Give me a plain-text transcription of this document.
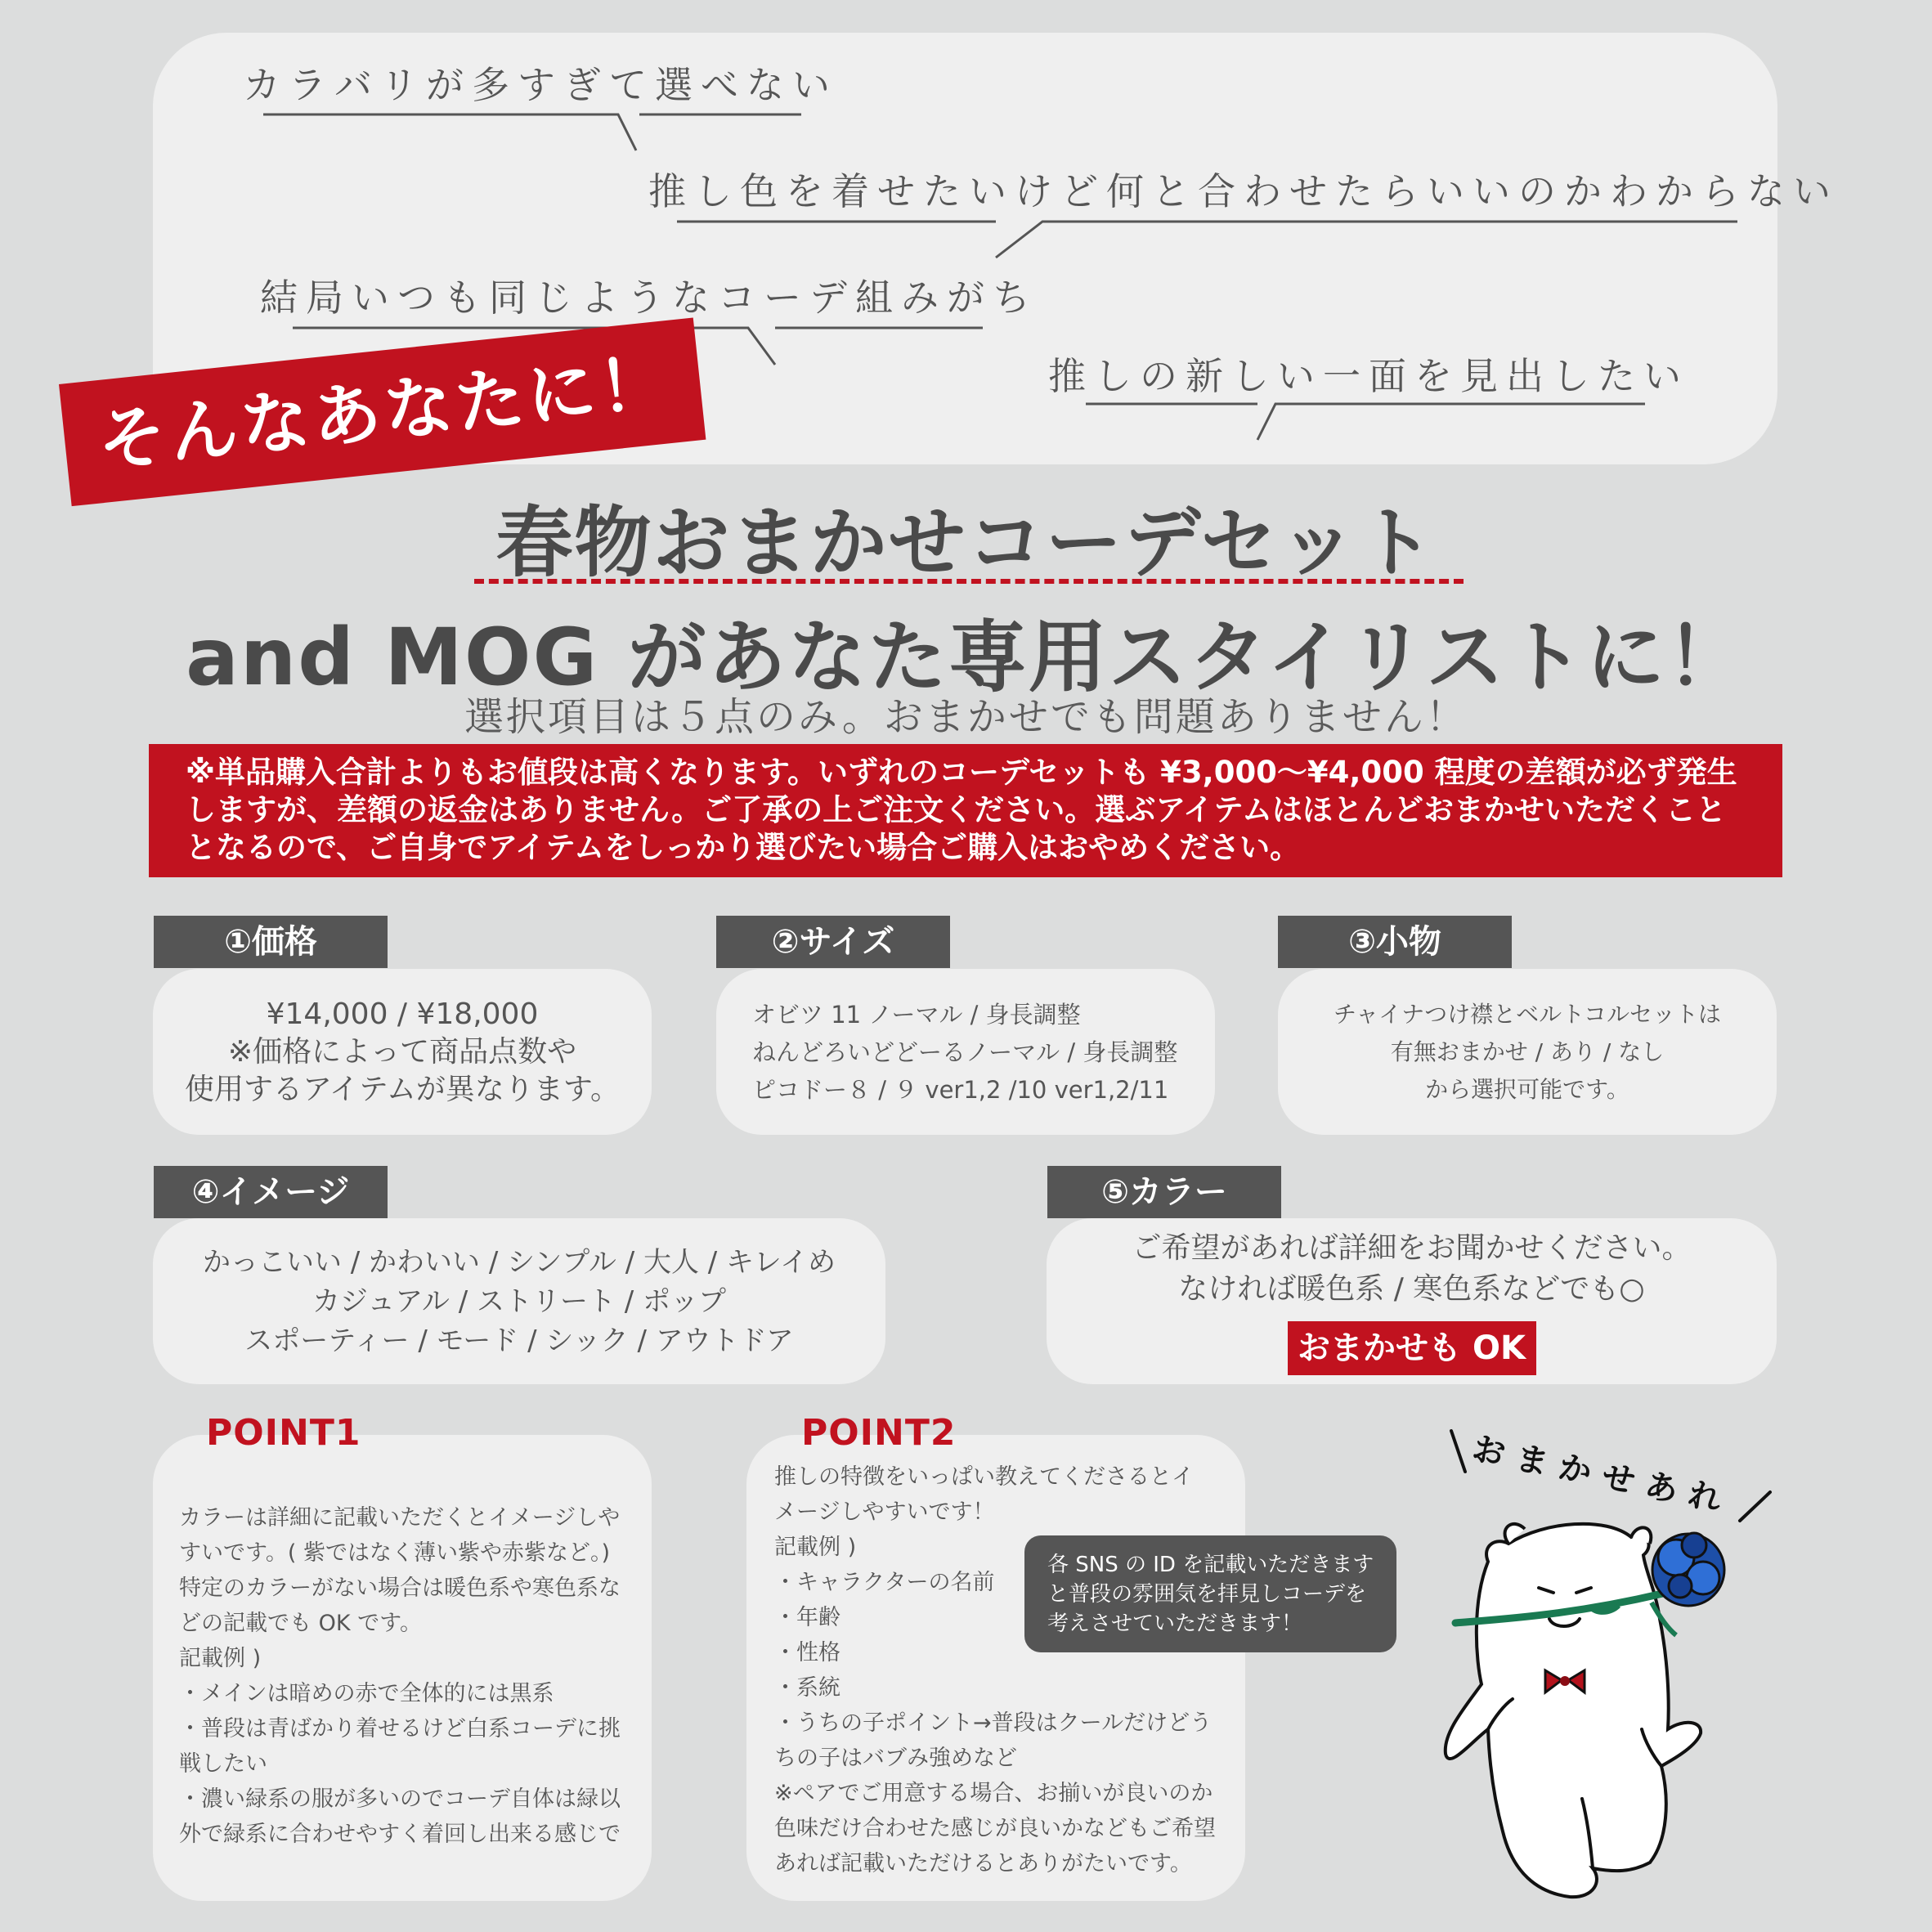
カラバリが多すぎて選べない
推し色を着せたいけど何と合わせたらいいのかわからない
結局いつも同じようなコーデ組みがち
推しの新しい一面を見出したい
そんなあなたに！
春物おまかせコーデセット
and MOG があなた専用スタイリストに！
選択項目は５点のみ。おまかせでも問題ありません！
※単品購入合計よりもお値段は高くなります。いずれのコーデセットも ¥3,000〜¥4,000 程度の差額が必ず発生
しますが、差額の返金はありません。ご了承の上ご注文ください。選ぶアイテムはほとんどおまかせいただくこと
となるので、ご自身でアイテムをしっかり選びたい場合ご購入はおやめください。
¥14,000 / ¥18,000
※価格によって商品点数や
使用するアイテムが異なります。
①価格
オビツ 11 ノーマル / 身長調整
ねんどろいどどーるノーマル / 身長調整
ピコドー８ / ９ ver1,2 /10 ver1,2/11
②サイズ
チャイナつけ襟とベルトコルセットは
有無おまかせ / あり / なし
から選択可能です。
③小物
かっこいい / かわいい / シンプル / 大人 / キレイめ
カジュアル / ストリート / ポップ
スポーティー / モード / シック / アウトドア
④イメージ
ご希望があれば詳細をお聞かせください。
なければ暖色系 / 寒色系などでも○
おまかせも OK
⑤カラー
カラーは詳細に記載いただくとイメージしや
すいです。( 紫ではなく薄い紫や赤紫など。)
特定のカラーがない場合は暖色系や寒色系な
どの記載でも OK です。
記載例 )
・メインは暗めの赤で全体的には黒系
・普段は青ばかり着せるけど白系コーデに挑
戦したい
・濃い緑系の服が多いのでコーデ自体は緑以
外で緑系に合わせやすく着回し出来る感じで
POINT1
推しの特徴をいっぱい教えてくださるとイ
メージしやすいです！
記載例 )
・キャラクターの名前
・年齢
・性格
・系統
・うちの子ポイント→普段はクールだけどう
ちの子はバブみ強めなど
※ペアでご用意する場合、お揃いが良いのか
色味だけ合わせた感じが良いかなどもご希望
あれば記載いただけるとありがたいです。
POINT2
各 SNS の ID を記載いただきます
と普段の雰囲気を拝見しコーデを
考えさせていただきます！
おまかせあれ
